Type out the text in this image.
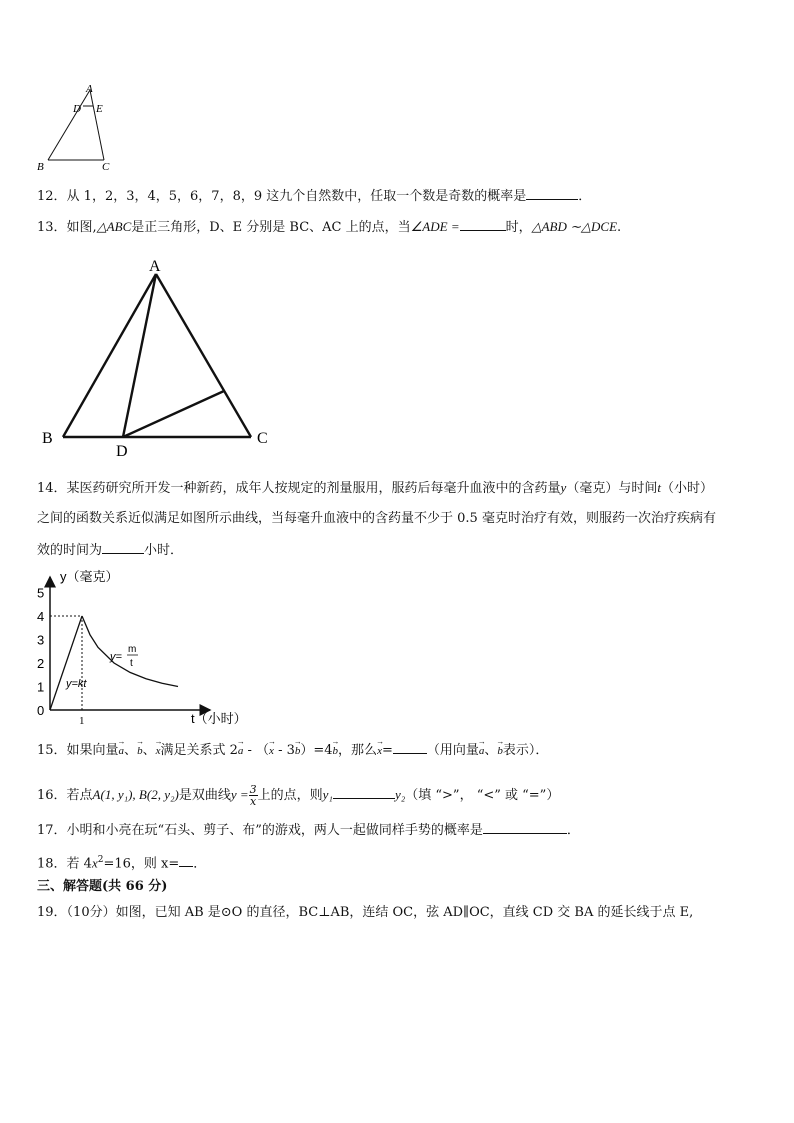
A
D E
B	C
12．从 1，2，3，4，5，6，7，8，9 这九个自然数中，任取一个数是奇数的概率是	．
13．如图,△ABC是正三角形，D、E 分别是 BC、AC 上的点，当∠ADE =	时，△ABD ∼△DCE.
A
B	C
D
14．某医药研究所开发一种新药，成年人按规定的剂量服用，服药后每毫升血液中的含药量y（毫克）与时间t（小时）
之间的函数关系近似满足如图所示曲线，当每毫升血液中的含药量不少于 0.5 毫克时治疗有效，则服药一次治疗疾病有
效的时间为	小时．
y（毫克）
t（小时）
0
1
2
3
4
5
1
y=kt
y=
m
t
15．如果向量→ a、→ b、→ x满足关系式 2→ a - （→ x - 3→ b）=4→ b，那么→ x=	（用向量→ a、→ b表示）．
16．若点A(1, y₁), B(2, y₂)是双曲线$y = \frac{3}{x}$ 上的点，则y₁	y₂（填 “>”， “<” 或 “=”）
17．小明和小亮在玩“石头、剪子、布”的游戏，两人一起做同样手势的概率是	．
18．若 $4x^2=16$，则 x= ．
三、解答题(共 66 分)
19．（10分）如图，已知 AB 是⊙O 的直径，BC⊥AB，连结 OC，弦 AD∥OC，直线 CD 交 BA 的延长线于点 E,
